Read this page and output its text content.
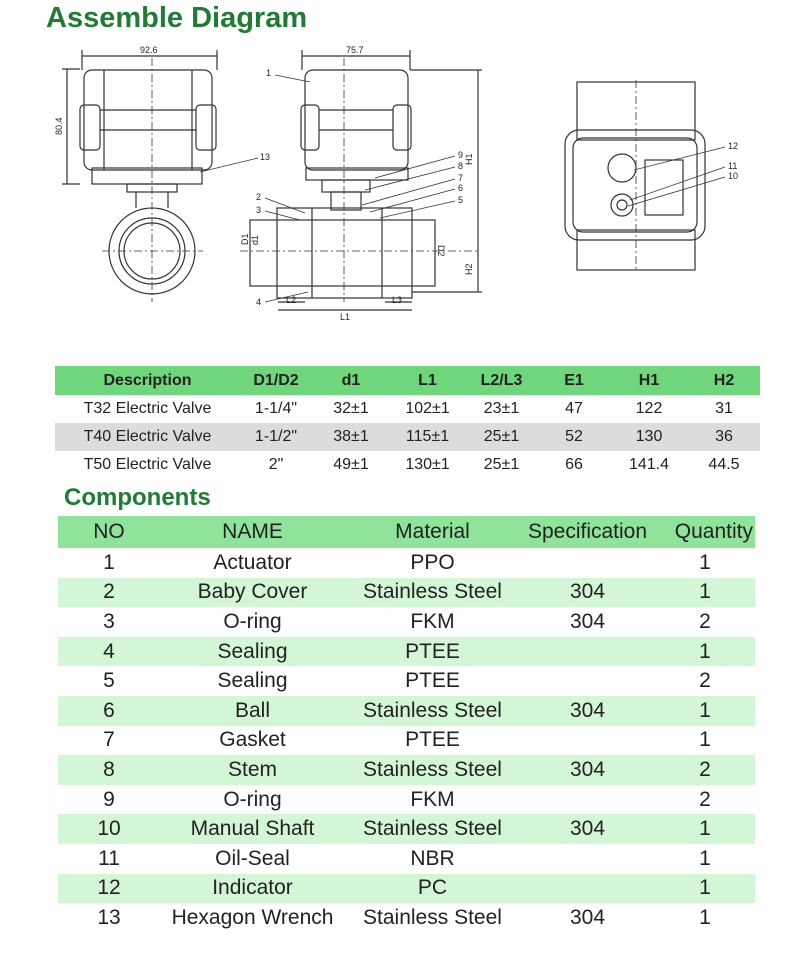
Assemble Diagram
92.6
80.4
13
75.7
L1
L2	L3
D1 d1
D2
H1
H2
1
2
3
4
5
6
7
8
9
12
11
10
Description	D1/D2	d1	L1	L2/L3	E1	H1	H2
T32 Electric Valve	1-1/4"	32±1	102±1	23±1	47	122	31
T40 Electric Valve	1-1/2"	38±1	115±1	25±1	52	130	36
T50 Electric Valve	2"	49±1	130±1	25±1	66	141.4	44.5
Components
NO	NAME	Material	Specification	Quantity
1	Actuator	PPO		1
2	Baby Cover	Stainless Steel	304	1
3	O-ring	FKM	304	2
4	Sealing	PTEE		1
5	Sealing	PTEE		2
6	Ball	Stainless Steel	304	1
7	Gasket	PTEE		1
8	Stem	Stainless Steel	304	2
9	O-ring	FKM		2
10	Manual Shaft	Stainless Steel	304	1
11	Oil-Seal	NBR		1
12	Indicator	PC		1
13	Hexagon Wrench	Stainless Steel	304	1
